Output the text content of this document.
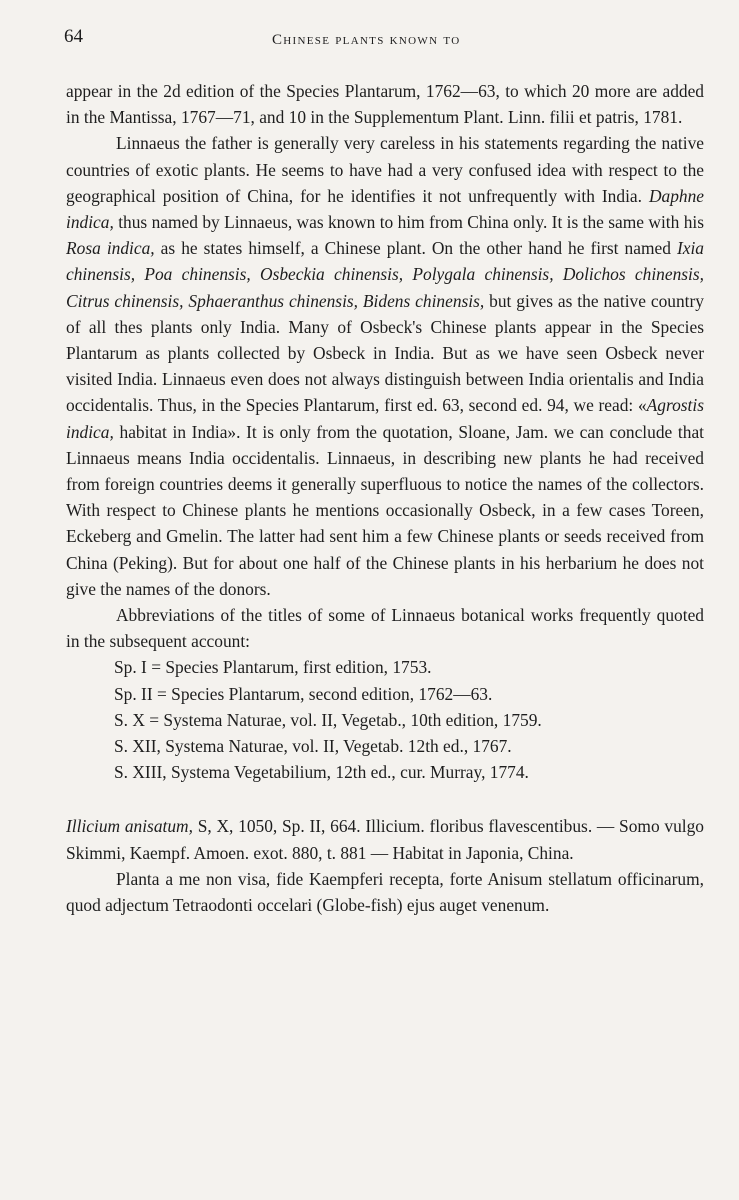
64	Chinese plants known to

appear in the 2d edition of the Species Plantarum, 1762—63, to which 20 more are added in the Mantissa, 1767—71, and 10 in the Supplementum Plant. Linn. filii et patris, 1781.

Linnaeus the father is generally very careless in his statements regarding the native countries of exotic plants. He seems to have had a very confused idea with respect to the geographical position of China, for he identifies it not unfrequently with India. Daphne indica, thus named by Linnaeus, was known to him from China only. It is the same with his Rosa indica, as he states himself, a Chinese plant. On the other hand he first named Ixia chinensis, Poa chinensis, Osbeckia chinensis, Polygala chinensis, Dolichos chinensis, Citrus chinensis, Sphaeranthus chinensis, Bidens chinensis, but gives as the native country of all thes plants only India. Many of Osbeck's Chinese plants appear in the Species Plantarum as plants collected by Osbeck in India. But as we have seen Osbeck never visited India. Linnaeus even does not always distinguish between India orientalis and India occidentalis. Thus, in the Species Plantarum, first ed. 63, second ed. 94, we read: «Agrostis indica, habitat in India». It is only from the quotation, Sloane, Jam. we can conclude that Linnaeus means India occidentalis. Linnaeus, in describing new plants he had received from foreign countries deems it generally superfluous to notice the names of the collectors. With respect to Chinese plants he mentions occasionally Osbeck, in a few cases Toreen, Eckeberg and Gmelin. The latter had sent him a few Chinese plants or seeds received from China (Peking). But for about one half of the Chinese plants in his herbarium he does not give the names of the donors.

Abbreviations of the titles of some of Linnaeus botanical works frequently quoted in the subsequent account:

Sp. I = Species Plantarum, first edition, 1753.
Sp. II = Species Plantarum, second edition, 1762—63.
S. X = Systema Naturae, vol. II, Vegetab., 10th edition, 1759.
S. XII, Systema Naturae, vol. II, Vegetab. 12th ed., 1767.
S. XIII, Systema Vegetabilium, 12th ed., cur. Murray, 1774.

Illicium anisatum, S, X, 1050, Sp. II, 664. Illicium. floribus flavescentibus. — Somo vulgo Skimmi, Kaempf. Amoen. exot. 880, t. 881 — Habitat in Japonia, China.

Planta a me non visa, fide Kaempferi recepta, forte Anisum stellatum officinarum, quod adjectum Tetraodonti occelari (Globe-fish) ejus auget venenum.
